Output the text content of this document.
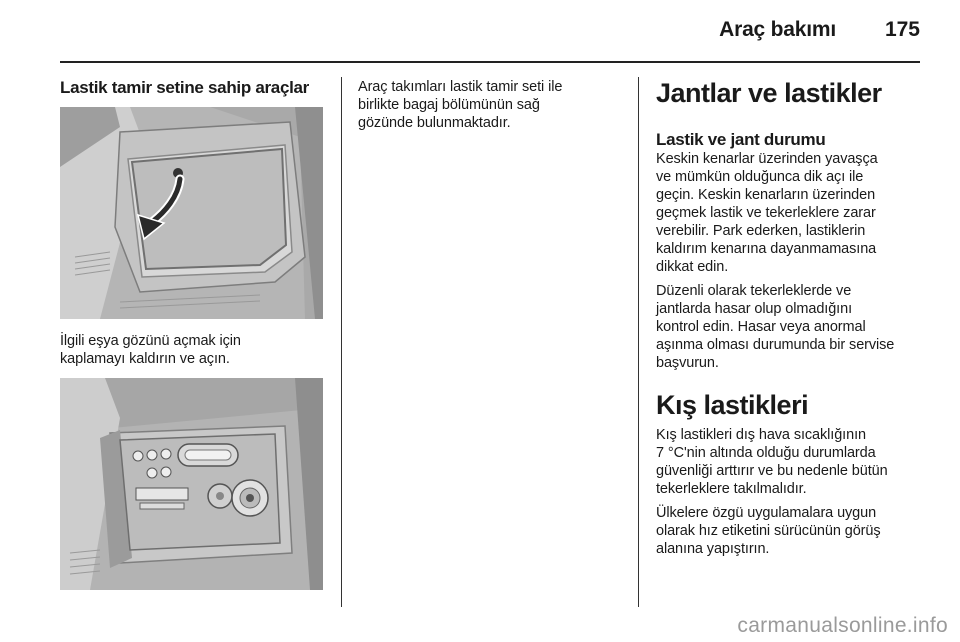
Araç bakımı 175

Lastik tamir setine sahip araçlar

İlgili eşya gözünü açmak için

kaplamayı kaldırın ve açın.

Araç takımları lastik tamir seti ile

birlikte bagaj bölümünün sağ

gözünde bulunmaktadır.

Jantlar ve lastikler

Lastik ve jant durumu

Keskin kenarlar üzerinden yavaşça

ve mümkün olduğunca dik açı ile

geçin. Keskin kenarların üzerinden

geçmek lastik ve tekerleklere zarar

verebilir. Park ederken, lastiklerin

kaldırım kenarına dayanmamasına

dikkat edin.

Düzenli olarak tekerleklerde ve

jantlarda hasar olup olmadığını

kontrol edin. Hasar veya anormal

aşınma olması durumunda bir servise

başvurun.

Kış lastikleri

Kış lastikleri dış hava sıcaklığının

7 °C'nin altında olduğu durumlarda

güvenliği arttırır ve bu nedenle bütün

tekerleklere takılmalıdır.

Ülkelere özgü uygulamalara uygun

olarak hız etiketini sürücünün görüş

alanına yapıştırın.

carmanualsonline.info
